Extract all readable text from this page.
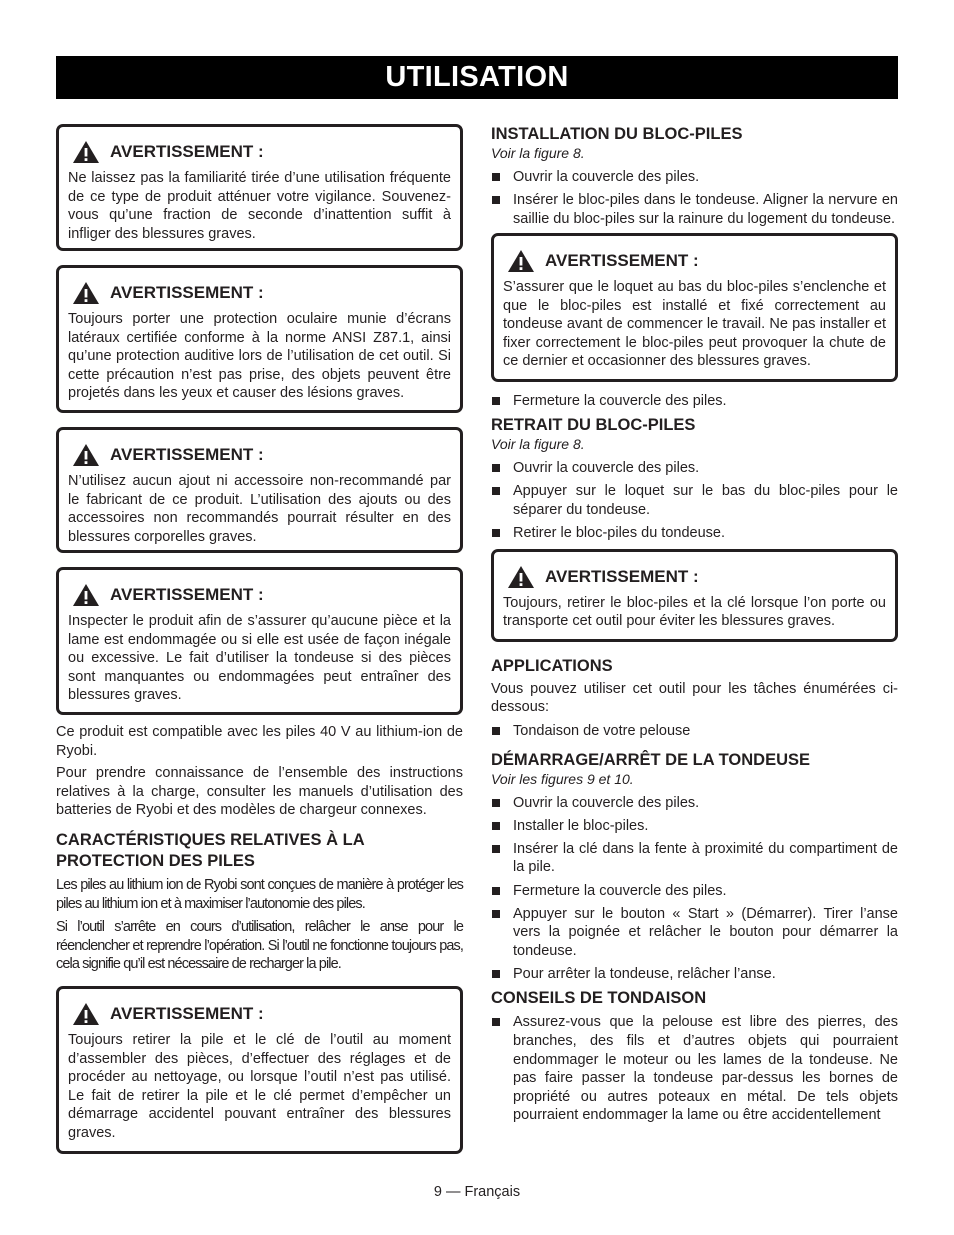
UTILISATION
AVERTISSEMENT :
Ne laissez pas la familiarité tirée d’une utilisation fréquente de ce type de produit atténuer votre vigilance. Souvenez-vous qu’une fraction de seconde d’inattention suffit à infliger des blessures graves.
AVERTISSEMENT :
Toujours porter une protection oculaire munie d’écrans latéraux certifiée conforme à la norme ANSI Z87.1, ainsi qu’une protection auditive lors de l’utilisation de cet outil. Si cette précaution n’est pas prise, des objets peuvent être projetés dans les yeux et causer des lésions graves.
AVERTISSEMENT :
N’utilisez aucun ajout ni accessoire non-recommandé par le fabricant de ce produit. L’utilisation des ajouts ou des accessoires non recommandés pourrait résulter en des blessures corporelles graves.
AVERTISSEMENT :
Inspecter le produit afin de s’assurer qu’aucune pièce et la lame est endommagée ou si elle est usée de façon inégale ou excessive. Le fait d’utiliser la tondeuse si des pièces sont manquantes ou endommagées peut entraîner des blessures graves.

Ce produit est compatible avec les piles 40 V au lithium-ion de Ryobi.

Pour prendre connaissance de l’ensemble des instructions relatives à la charge, consulter les manuels d’utilisation des batteries de Ryobi et des modèles de chargeur connexes.

CARACTÉRISTIQUES RELATIVES À LA PROTECTION DES PILES

Les piles au lithium ion de Ryobi sont conçues de manière à protéger les piles au lithium ion et à maximiser l’autonomie des piles.

Si l’outil s’arrête en cours d’utilisation, relâcher le anse pour le réenclencher et reprendre l’opération. Si l’outil ne fonctionne toujours pas, cela signifie qu’il est nécessaire de recharger la pile.

AVERTISSEMENT :
Toujours retirer la pile et le clé de l’outil au moment d’assembler des pièces, d’effectuer des réglages et de procéder au nettoyage, ou lorsque l’outil n’est pas utilisé. Le fait de retirer la pile et le clé permet d’empêcher un démarrage accidentel pouvant entraîner des blessures graves.
INSTALLATION DU BLOC-PILES
Voir la figure 8.
Ouvrir la couvercle des piles.
Insérer le bloc-piles dans le tondeuse. Aligner la nervure en saillie du bloc-piles sur la rainure du logement du tondeuse.
AVERTISSEMENT :
S’assurer que le loquet au bas du bloc-piles s’enclenche et que le bloc-piles est installé et fixé correctement au tondeuse avant de commencer le travail. Ne pas installer et fixer correctement le bloc-piles peut provoquer la chute de ce dernier et occasionner des blessures graves.
Fermeture la couvercle des piles.
RETRAIT DU BLOC-PILES
Voir la figure 8.
Ouvrir la couvercle des piles.
Appuyer sur le loquet sur le bas du bloc-piles pour le séparer du tondeuse.
Retirer le bloc-piles du tondeuse.
AVERTISSEMENT :
Toujours, retirer le bloc-piles et la clé lorsque l’on porte ou transporte cet outil pour éviter les blessures graves.
APPLICATIONS

Vous pouvez utiliser cet outil pour les tâches énumérées ci-dessous:

Tondaison de votre pelouse
DÉMARRAGE/ARRÊT DE LA TONDEUSE
Voir les figures 9 et 10.
Ouvrir la couvercle des piles.
Installer le bloc-piles.
Insérer la clé dans la fente à proximité du compartiment de la pile.
Fermeture la couvercle des piles.
Appuyer sur le bouton « Start » (Démarrer). Tirer l’anse vers la poignée et relâcher le bouton pour démarrer la tondeuse.
Pour arrêter la tondeuse, relâcher l’anse.
CONSEILS DE TONDAISON
Assurez-vous que la pelouse est libre des pierres, des branches, des fils et d’autres objets qui pourraient endommager le moteur ou les lames de la tondeuse. Ne pas faire passer la tondeuse par-dessus les bornes de propriété ou autres poteaux en métal. De tels objets pourraient endommager la lame ou être accidentellement
9 — Français
